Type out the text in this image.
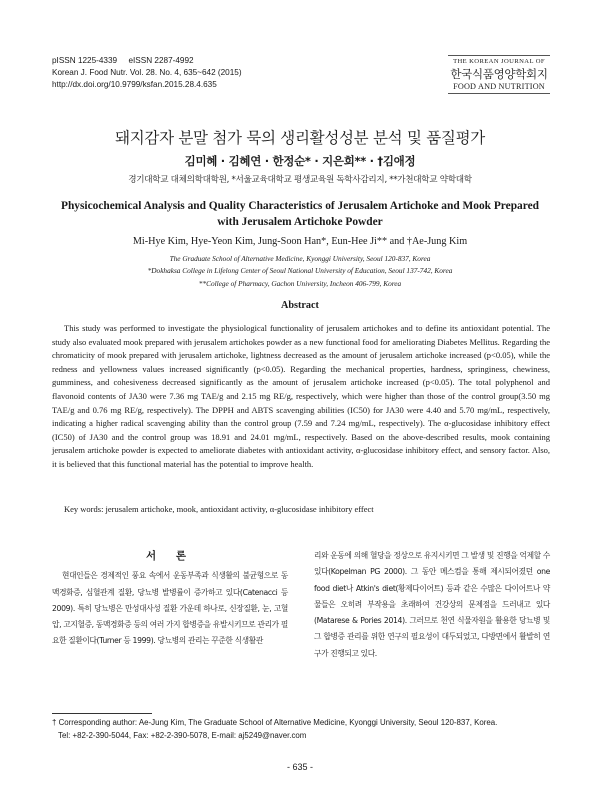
pISSN 1225-4339     eISSN 2287-4992
Korean J. Food Nutr. Vol. 28. No. 4, 635~642 (2015)
http://dx.doi.org/10.9799/ksfan.2015.28.4.635
THE KOREAN JOURNAL OF
한국식품영양학회지
FOOD AND NUTRITION
돼지감자 분말 첨가 묵의 생리활성성분 분석 및 품질평가
김미혜 · 김혜연 · 한정순* · 지은희** · †김애정
경기대학교 대체의학대학원, *서울교육대학교 평생교육원 독학사감리지, **가천대학교 약학대학
Physicochemical Analysis and Quality Characteristics of Jerusalem Artichoke and Mook Prepared with Jerusalem Artichoke Powder
Mi-Hye Kim, Hye-Yeon Kim, Jung-Soon Han*, Eun-Hee Ji** and †Ae-Jung Kim
The Graduate School of Alternative Medicine, Kyonggi University, Seoul 120-837, Korea
*Dokhaksa College in Lifelong Center of Seoul National University of Education, Seoul 137-742, Korea
**College of Pharmacy, Gachon University, Incheon 406-799, Korea
Abstract
This study was performed to investigate the physiological functionality of jerusalem artichokes and to define its antioxidant potential. The study also evaluated mook prepared with jerusalem artichokes powder as a new functional food for ameliorating Diabetes Mellitus. Regarding the chromaticity of mook prepared with jerusalem artichoke, lightness decreased as the amount of jerusalem artichoke increased (p<0.05), while the redness and yellowness values increased significantly (p<0.05). Regarding the mechanical properties, hardness, springiness, chewiness, gumminess, and cohesiveness decreased significantly as the amount of jerusalem artichoke increased (p<0.05). The total polyphenol and flavonoid contents of JA30 were 7.36 mg TAE/g and 2.15 mg RE/g, respectively, which were higher than those of the control group(3.50 mg TAE/g and 0.76 mg RE/g, respectively). The DPPH and ABTS scavenging abilities (IC50) for JA30 were 4.40 and 5.70 mg/mL, respectively, indicating a higher radical scavenging ability than the control group (7.59 and 7.24 mg/mL, respectively). The α-glucosidase inhibitory effect (IC50) of JA30 and the control group was 18.91 and 24.01 mg/mL, respectively. Based on the above-described results, mook containing jerusalem artichoke powder is expected to ameliorate diabetes with antioxidant activity, α-glucosidase inhibitory effect, and sensory factor. Also, it is believed that this functional material has the potential to improve health.
Key words: jerusalem artichoke, mook, antioxidant activity, α-glucosidase inhibitory effect
서 론

현대인들은 경제적인 풍요 속에서 운동부족과 식생활의 불균형으로 동맥경화증, 심혈관계 질환, 당뇨병 발병률이 증가하고 있다(Catenacci 등 2009). 특히 당뇨병은 만성대사성 질환 가운데 하나로, 신장질환, 눈, 고혈압, 고지혈증, 동맥경화증 등의 여러 가지 합병증을 유발시키므로 관리가 필요한 질환이다(Turner 등 1999). 당뇨병의 관리는 꾸준한 식생활관

리와 운동에 의해 혈당을 정상으로 유지시키면 그 발생 및 진행을 억제할 수 있다(Kopelman PG 2000). 그 동안 메스컴을 통해 제시되어졌던 one food diet나 Atkin's diet(황제다이어트) 등과 같은 수많은 다이어트나 약물들은 오히려 부작용을 초래하여 건강상의 문제점을 드러내고 있다(Matarese & Pories 2014). 그러므로 천연 식물자원을 활용한 당뇨병 및 그 합병증 관리를 위한 연구의 필요성이 대두되었고, 다방면에서 활발히 연구가 진행되고 있다.

† Corresponding author: Ae-Jung Kim, The Graduate School of Alternative Medicine, Kyonggi University, Seoul 120-837, Korea.
Tel: +82-2-390-5044, Fax: +82-2-390-5078, E-mail: aj5249@naver.com
- 635 -
